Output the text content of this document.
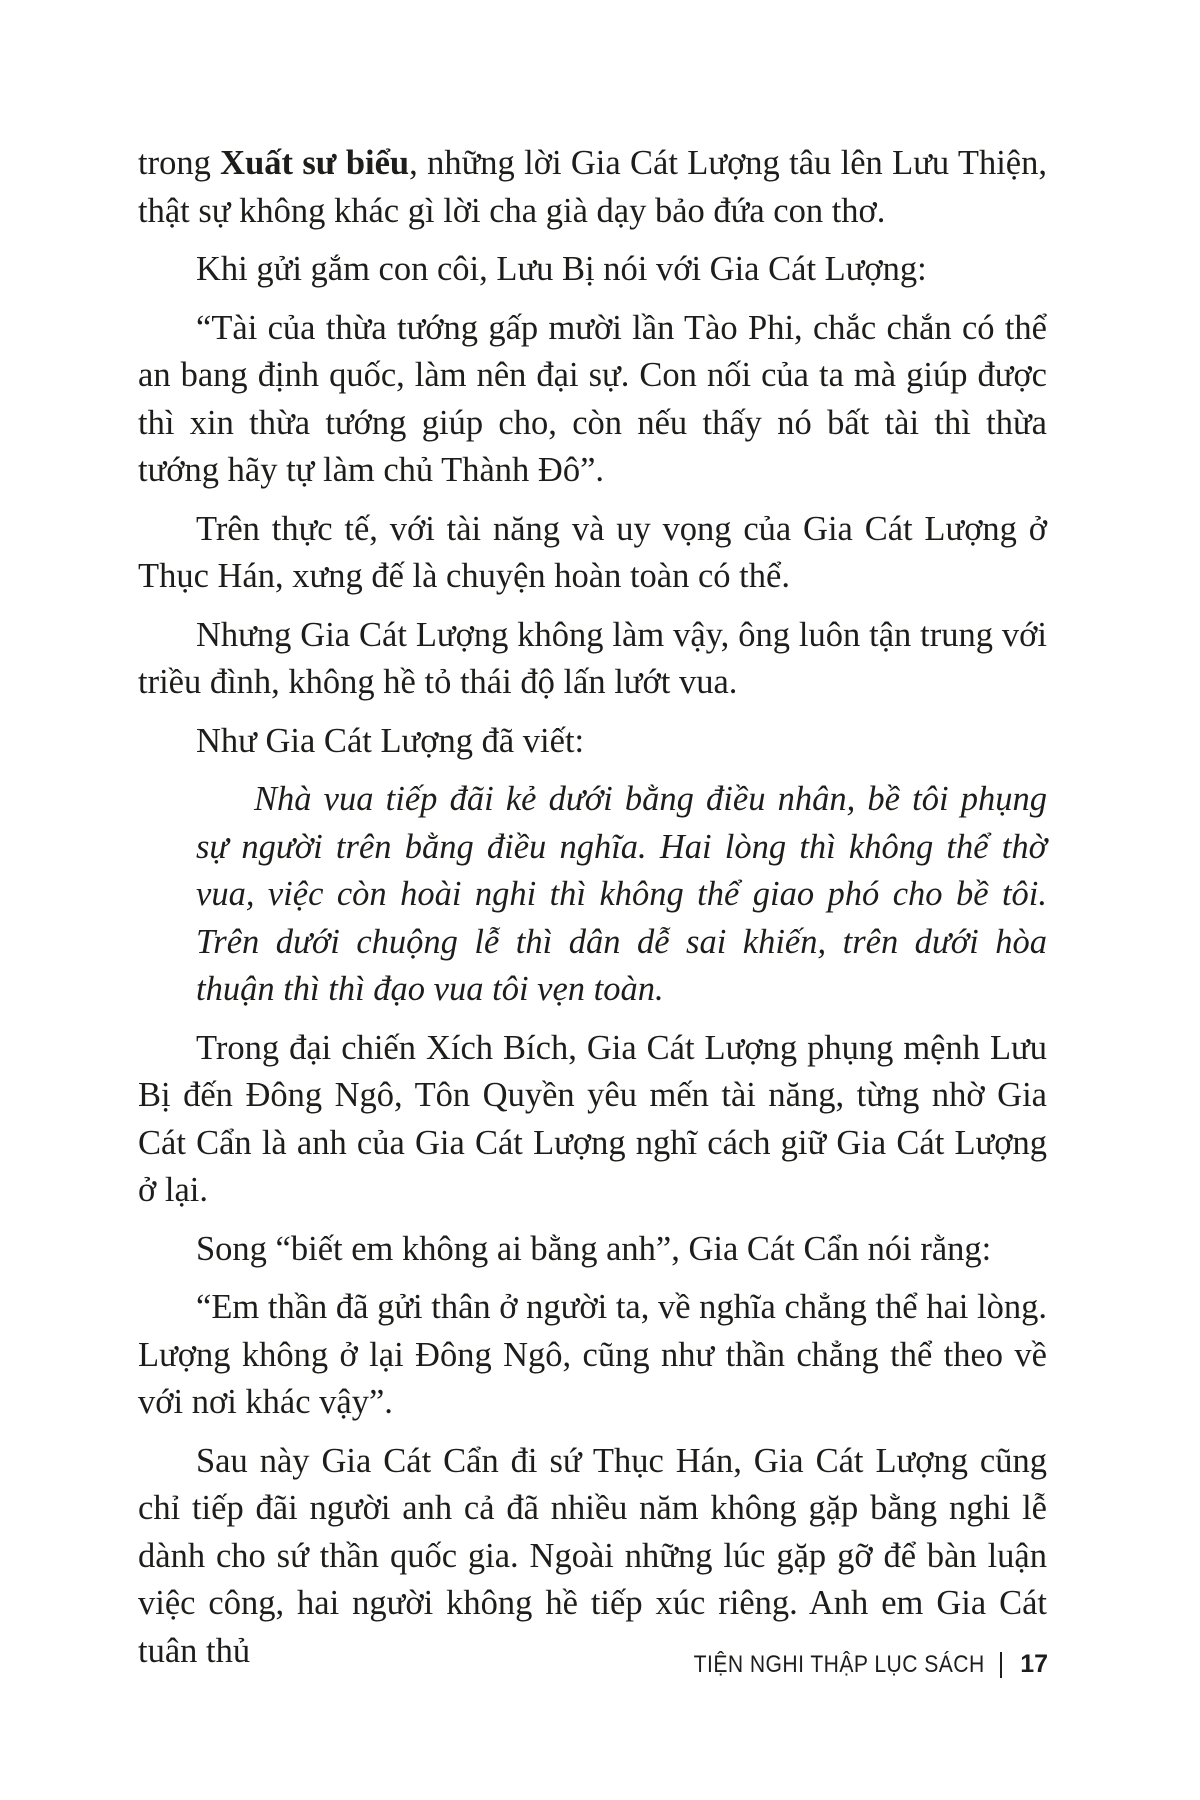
trong Xuất sư biểu, những lời Gia Cát Lượng tâu lên Lưu Thiện, thật sự không khác gì lời cha già dạy bảo đứa con thơ.

Khi gửi gắm con côi, Lưu Bị nói với Gia Cát Lượng:

“Tài của thừa tướng gấp mười lần Tào Phi, chắc chắn có thể an bang định quốc, làm nên đại sự. Con nối của ta mà giúp được thì xin thừa tướng giúp cho, còn nếu thấy nó bất tài thì thừa tướng hãy tự làm chủ Thành Đô”.

Trên thực tế, với tài năng và uy vọng của Gia Cát Lượng ở Thục Hán, xưng đế là chuyện hoàn toàn có thể.

Nhưng Gia Cát Lượng không làm vậy, ông luôn tận trung với triều đình, không hề tỏ thái độ lấn lướt vua.

Như Gia Cát Lượng đã viết:

Nhà vua tiếp đãi kẻ dưới bằng điều nhân, bề tôi phụng sự người trên bằng điều nghĩa. Hai lòng thì không thể thờ vua, việc còn hoài nghi thì không thể giao phó cho bề tôi. Trên dưới chuộng lễ thì dân dễ sai khiến, trên dưới hòa thuận thì thì đạo vua tôi vẹn toàn.

Trong đại chiến Xích Bích, Gia Cát Lượng phụng mệnh Lưu Bị đến Đông Ngô, Tôn Quyền yêu mến tài năng, từng nhờ Gia Cát Cẩn là anh của Gia Cát Lượng nghĩ cách giữ Gia Cát Lượng ở lại.

Song “biết em không ai bằng anh”, Gia Cát Cẩn nói rằng:

“Em thần đã gửi thân ở người ta, về nghĩa chẳng thể hai lòng. Lượng không ở lại Đông Ngô, cũng như thần chẳng thể theo về với nơi khác vậy”.

Sau này Gia Cát Cẩn đi sứ Thục Hán, Gia Cát Lượng cũng chỉ tiếp đãi người anh cả đã nhiều năm không gặp bằng nghi lễ dành cho sứ thần quốc gia. Ngoài những lúc gặp gỡ để bàn luận việc công, hai người không hề tiếp xúc riêng. Anh em Gia Cát tuân thủ	TIỆN NGHI THẬP LỤC SÁCH 17
